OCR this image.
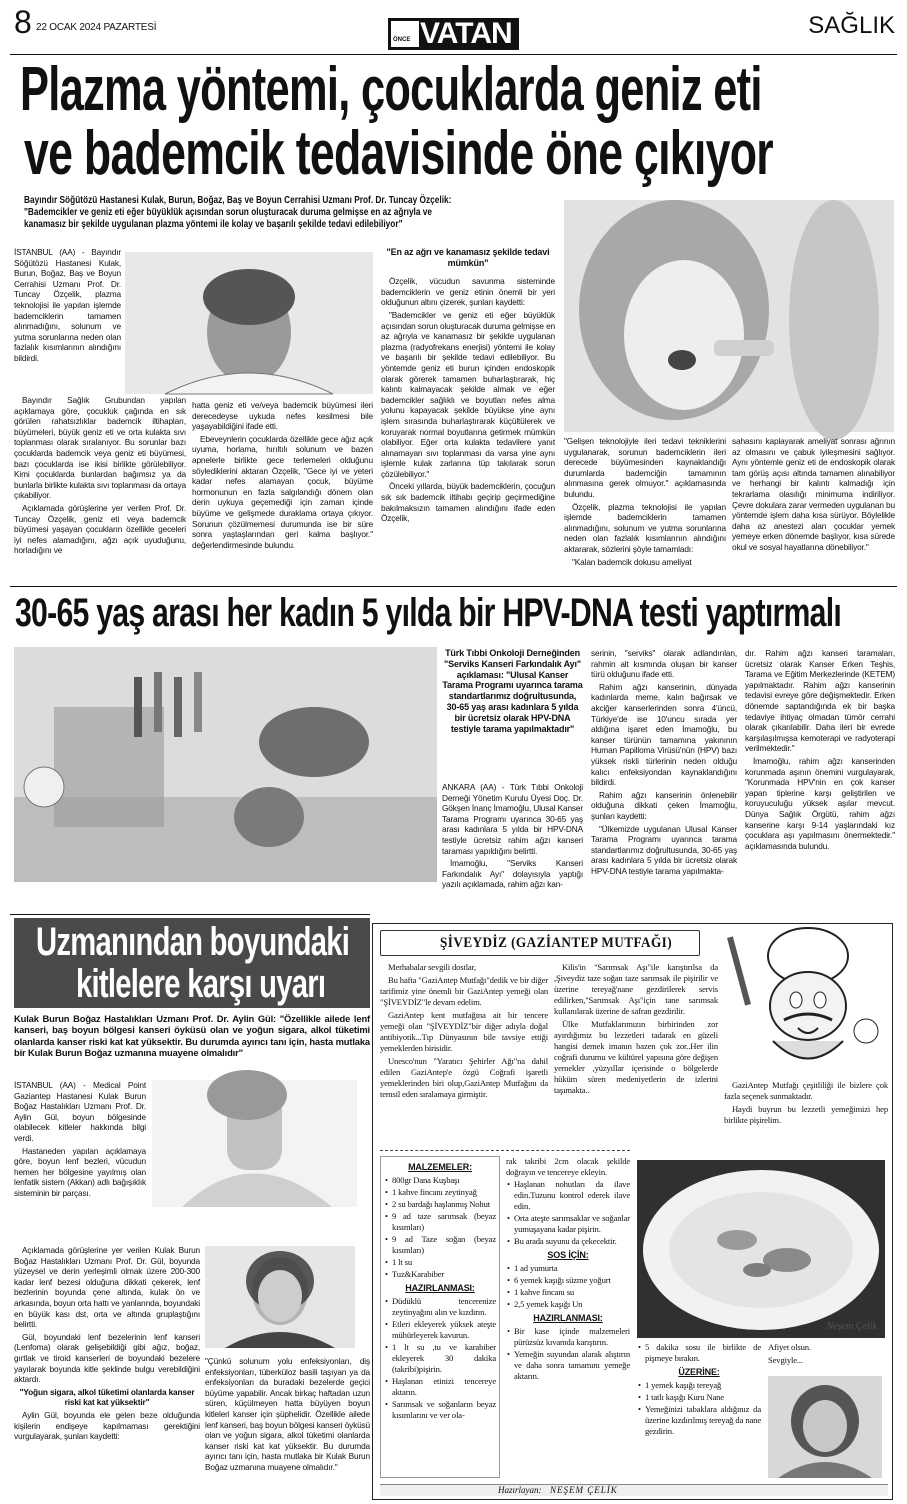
8 22 OCAK 2024 PAZARTESİ
ÖNCE VATAN	SAĞLIK
Plazma yöntemi, çocuklarda geniz eti
ve bademcik tedavisinde öne çıkıyor
Bayındır Söğütözü Hastanesi Kulak, Burun, Boğaz, Baş ve Boyun Cerrahisi Uzmanı Prof. Dr. Tuncay Özçelik:
"Bademcikler ve geniz eti eğer büyüklük açısından sorun oluşturacak duruma gelmişse en az ağrıyla ve
kanamasız bir şekilde uygulanan plazma yöntemi ile kolay ve başarılı şekilde tedavi edilebiliyor"

İSTANBUL (AA) - Bayındır Söğütözü Hastanesi Kulak, Burun, Boğaz, Baş ve Boyun Cerrahisi Uzmanı Prof. Dr. Tuncay Özçelik, plazma teknolojisi ile yapılan işlemde bademciklerin tamamen alınmadığını, solunum ve yutma sorunlarına neden olan fazlalık kısımlarının alındığını bildirdi.

Bayındır Sağlık Grubundan yapılan açıklamaya göre, çocukluk çağında en sık görülen rahatsızlıklar bademcik iltihapları, büyümeleri, büyük geniz eti ve orta kulakta sıvı toplanması olarak sıralanıyor. Bu sorunlar bazı çocuklarda bademcik veya geniz eti büyümesi, bazı çocuklarda ise ikisi birlikte görülebiliyor. Kimi çocuklarda bunlardan bağımsız ya da bunlarla birlikte kulakta sıvı toplanması da ortaya çıkabiliyor.

Açıklamada görüşlerine yer verilen Prof. Dr. Tuncay Özçelik, geniz eti veya bademcik büyümesi yaşayan çocukların özellikle geceleri iyi nefes alamadığını, ağzı açık uyuduğunu, horladığını ve

hatta geniz eti ve/veya bademcik büyümesi ileri derecedeyse uykuda nefes kesilmesi bile yaşayabildiğini ifade etti.

Ebeveynlerin çocuklarda özellikle gece ağız açık uyuma, horlama, hırıltılı solunum ve bazen apnelerle birlikte gece terlemeleri olduğunu söylediklerini aktaran Özçelik, "Gece iyi ve yeteri kadar nefes alamayan çocuk, büyüme hormonunun en fazla salgılandığı dönem olan derin uykuya geçemediği için zaman içinde büyüme ve gelişmede duraklama ortaya çıkıyor. Sorunun çözülmemesi durumunda ise bir süre sonra yaştaşlarından geri kalma başlıyor." değerlendirmesinde bulundu.

"En az ağrı ve kanamasız şekilde tedavi mümkün"

Özçelik, vücudun savunma sisteminde bademciklerin ve geniz etinin önemli bir yeri olduğunun altını çizerek, şunları kaydetti:

"Bademcikler ve geniz eti eğer büyüklük açısından sorun oluşturacak duruma gelmişse en az ağrıyla ve kanamasız bir şekilde uygulanan plazma (radyofrekans enerjisi) yöntemi ile kolay ve başarılı bir şekilde tedavi edilebiliyor. Bu yöntemde geniz eti burun içinden endoskopik olarak görerek tamamen buharlaştırarak, hiç kalıntı kalmayacak şekilde almak ve eğer bademcikler sağlıklı ve boyutları nefes alma yolunu kapayacak şekilde büyükse yine aynı işlem sırasında buharlaştırarak küçültülerek ve koruyarak normal boyutlarına getirmek mümkün olabiliyor. Eğer orta kulakta tedavilere yanıt alınamayan sıvı toplanması da varsa yine aynı işlemle kulak zarlarına tüp takılarak sorun çözülebiliyor."

Önceki yıllarda, büyük bademciklerin, çocuğun sık sık bademcik iltihabı geçirip geçirmediğine bakılmaksızın tamamen alındığını ifade eden Özçelik,

"Gelişen teknolojiyle ileri tedavi tekniklerini uygulanarak, sorunun bademciklerin ileri derecede büyümesinden kaynaklandığı durumlarda bademciğin tamamının alınmasına gerek olmuyor." açıklamasında bulundu.

Özçelik, plazma teknolojisi ile yapılan işlemde bademciklerin tamamen alınmadığını, solunum ve yutma sorunlarına neden olan fazlalık kısımlarının alındığını aktararak, sözlerini şöyle tamamladı:

"Kalan bademcik dokusu ameliyat

sahasını kaplayarak ameliyat sonrası ağrının az olmasını ve çabuk iyileşmesini sağlıyor. Aynı yöntemle geniz eti de endoskopik olarak tam görüş açısı altında tamamen alınabiliyor ve herhangi bir kalıntı kalmadığı için tekrarlama olasılığı minimuma indiriliyor. Çevre dokulara zarar vermeden uygulanan bu yöntemde işlem daha kısa sürüyor. Böylelikle daha az anestezi alan çocuklar yemek yemeye erken dönemde başlıyor, kısa sürede okul ve sosyal hayatlarına dönebiliyor."

30-65 yaş arası her kadın 5 yılda bir HPV-DNA testi yaptırmalı
Türk Tıbbi Onkoloji Derneğinden "Serviks Kanseri Farkındalık Ayı" açıklaması: "Ulusal Kanser Tarama Programı uyarınca tarama standartlarımız doğrultusunda, 30-65 yaş arası kadınlara 5 yılda bir ücretsiz olarak HPV-DNA testiyle tarama yapılmaktadır"

ANKARA (AA) - Türk Tıbbi Onkoloji Derneği Yönetim Kurulu Üyesi Doç. Dr. Gökşen İnanç İmamoğlu, Ulusal Kanser Tarama Programı uyarınca 30-65 yaş arası kadınlara 5 yılda bir HPV-DNA testiyle ücretsiz rahim ağzı kanseri taraması yapıldığını belirtti.

İmamoğlu, "Serviks Kanseri Farkındalık Ayı" dolayısıyla yaptığı yazılı açıklamada, rahim ağzı kan-

serinin, "serviks" olarak adlandırılan, rahmin alt kısmında oluşan bir kanser türü olduğunu ifade etti.

Rahim ağzı kanserinin, dünyada kadınlarda meme, kalın bağırsak ve akciğer kanserlerinden sonra 4'üncü, Türkiye'de ise 10'uncu sırada yer aldığına işaret eden İmamoğlu, bu kanser türünün tamamına yakınının Human Papilloma Virüsü'nün (HPV) bazı yüksek riskli türlerinin neden olduğu kalıcı enfeksiyondan kaynaklandığını bildirdi.

Rahim ağzı kanserinin önlenebilir olduğuna dikkati çeken İmamoğlu, şunları kaydetti:

"Ülkemizde uygulanan Ulusal Kanser Tarama Programı uyarınca tarama standartlarımız doğrultusunda, 30-65 yaş arası kadınlara 5 yılda bir ücretsiz olarak HPV-DNA testiyle tarama yapılmakta-

dır. Rahim ağzı kanseri taramaları, ücretsiz olarak Kanser Erken Teşhis, Tarama ve Eğitim Merkezlerinde (KETEM) yapılmaktadır. Rahim ağzı kanserinin tedavisi evreye göre değişmektedir. Erken dönemde saptandığında ek bir başka tedaviye ihtiyaç olmadan tümör cerrahi olarak çıkarılabilir. Daha ileri bir evrede karşılaşılmışsa kemoterapi ve radyoterapi verilmektedir."

İmamoğlu, rahim ağzı kanserinden korunmada aşının önemini vurgulayarak, "Korunmada HPV'nin en çok kanser yapan tiplerine karşı geliştirilen ve koruyuculuğu yüksek aşılar mevcut. Dünya Sağlık Örgütü, rahim ağzı kanserine karşı 9-14 yaşlarındaki kız çocuklara aşı yapılmasını önermektedir." açıklamasında bulundu.

Uzmanından boyundaki
kitlelere karşı uyarı
Kulak Burun Boğaz Hastalıkları Uzmanı Prof. Dr. Aylin Gül: "Özellikle ailede lenf kanseri, baş boyun bölgesi kanseri öyküsü olan ve yoğun sigara, alkol tüketimi olanlarda kanser riski kat kat yüksektir. Bu durumda ayırıcı tanı için, hasta mutlaka bir Kulak Burun Boğaz uzmanına muayene olmalıdır"

İSTANBUL (AA) - Medical Point Gaziantep Hastanesi Kulak Burun Boğaz Hastalıkları Uzmanı Prof. Dr. Aylin Gül, boyun bölgesinde olabilecek kitleler hakkında bilgi verdi.

Hastaneden yapılan açıklamaya göre, boyun lenf bezleri, vücudun hemen her bölgesine yayılmış olan lenfatik sistem (Akkan) adlı bağışıklık sisteminin bir parçası.

Açıklamada görüşlerine yer verilen Kulak Burun Boğaz Hastalıkları Uzmanı Prof. Dr. Gül, boyunda yüzeysel ve derin yerleşimli olmak üzere 200-300 kadar lenf bezesi olduğuna dikkati çekerek, lenf bezlerinin boyunda çene altında, kulak ön ve arkasında, boyun orta hattı ve yanlarında, boyundaki en büyük kası dst, orta ve altında gruplaştığını belirtti.

Gül, boyundaki lenf bezelerinin lenf kanseri (Lenfoma) olarak gelişebildiği gibi ağız, boğaz, gırtlak ve tiroid kanserleri de boyundaki bezelere yayılarak boyunda kitle şeklinde bulgu verebildiğini aktardı.

"Yoğun sigara, alkol tüketimi olanlarda kanser riski kat kat yüksektir"

Aylin Gül, boyunda ele gelen beze olduğunda kişilerin endişeye kapılmaması gerektiğini vurgulayarak, şunları kaydetti:

"Çünkü solunum yolu enfeksiyonları, diş enfeksiyonları, tüberküloz basili taşıyan ya da enfeksiyonları da buradaki bezelerde geçici büyüme yapabilir. Ancak birkaç haftadan uzun süren, küçülmeyen hatta büyüyen boyun kitleleri kanser için şüphelidir. Özellikle ailede lenf kanseri, baş boyun bölgesi kanseri öyküsü olan ve yoğun sigara, alkol tüketimi olanlarda kanser riski kat kat yüksektir. Bu durumda ayırıcı tanı için, hasta mutlaka bir Kulak Burun Boğaz uzmanına muayene olmalıdır."

ŞİVEYDİZ (GAZİANTEP MUTFAĞI)

Merhabalar sevgili dostlar,

Bu hafta "GaziAntep Mutfağı"dedik ve bir diğer tarifimiz yine önemli bir GaziAntep yemeği olan "ŞİVEYDİZ"le devam edelim.

GaziAntep kent mutfağına ait bir tencere yemeği olan "ŞİVEYDİZ"bir diğer adıyla doğal antibiyotik...Tıp Dünyasının bile tavsiye ettiği yemeklerden birisidir.

Unesco'nun "Yaratıcı Şehirler Ağı"na dahil edilen GaziAntep'e özgü Coğrafi işaretli yemeklerinden biri olup,GaziAntep Mutfağını da temsil eden sıralamaya girmiştir.

Kilis'in "Sarımsak Aşı"ile karıştırılsa da ,Şiveydiz taze soğan taze sarımsak ile pişirilir ve üzerine tereyağ'nane gezdirilerek servis edilirken,"Sarımsak Aşı"için tane sarımsak kullanılarak üzerine de safran gezdirilir.

Ülke Mutfaklarımızın birbirinden zor ayırdığımız bu lezzetleri tadarak en güzeli hangisi demek imanın bazen çok zor..Her ilin coğrafi durumu ve kültürel yapısına göre değişen yemekler ,yüzyıllar içerisinde o bölgelerde hüküm süren medeniyetlerin de izlerini taşımakta..	GaziAntep Mutfağı çeşitliliği ile bizlere çok fazla seçenek sunmaktadır.

Haydi buyrun bu lezzetli yemeğimizi hep birlikte pişirelim.

MALZEMELER:
• 800gr Dana Kuşbaşı
• 1 kahve fincanı zeytinyağ
• 2 su bardağı haşlanmış Nohut
• 9 ad taze sarımsak (beyaz kısımları)
• 9 ad Taze soğan (beyaz kısımları)
• 1 lt su
• Tuz&Karabiber
HAZIRLANMASI:
• Düdüklü tencerenize zeytinyağını alın ve kızdırın.
• Etleri ekleyerek yüksek ateşte mühürleyerek kavurun.
• 1 lt su ,tu ve karabiber ekleyerek 30 dakika (takribi)pişirin.
• Haşlanan etinizi tencereye aktarın.
• Sarımsak ve soğanların beyaz kısımlarını ve ver ola-

rak takribi 2cm olacak şekilde doğrayın ve tencereye ekleyin.

• Haşlanan nohutları da ilave edin.Tuzunu kontrol ederek ilave edin.
• Orta ateşte sarımsaklar ve soğanlar yumuşayana kadar pişirin.
• Bu arada suyunu da çekecektir.
SOS İÇİN:
• 1 ad yumurta
• 6 yemek kaşığı süzme yoğurt
• 1 kahve fincanı su
• 2,5 yemek kaşığı Un
HAZIRLANMASI:
• Bir kase içinde malzemeleri pürüzsüz kıvamda karıştırın.
• Yemeğin suyundan alarak alıştırın ve daha sonra tamamını yemeğe aktarın.
Neşem Çelik
• 5 dakika sosu ile birlikte de pişmeye bırakın.
ÜZERİNE:
• 1 yemek kaşığı tereyağ
• 1 tatlı kaşığı Kuru Nane
• Yemeğinizi tabaklara aldığınız da üzerine kızdırılmış tereyağ da nane gezdirin.

Afiyet olsun.

Sevgiyle...

Hazırlayan: NEŞEM ÇELİK
